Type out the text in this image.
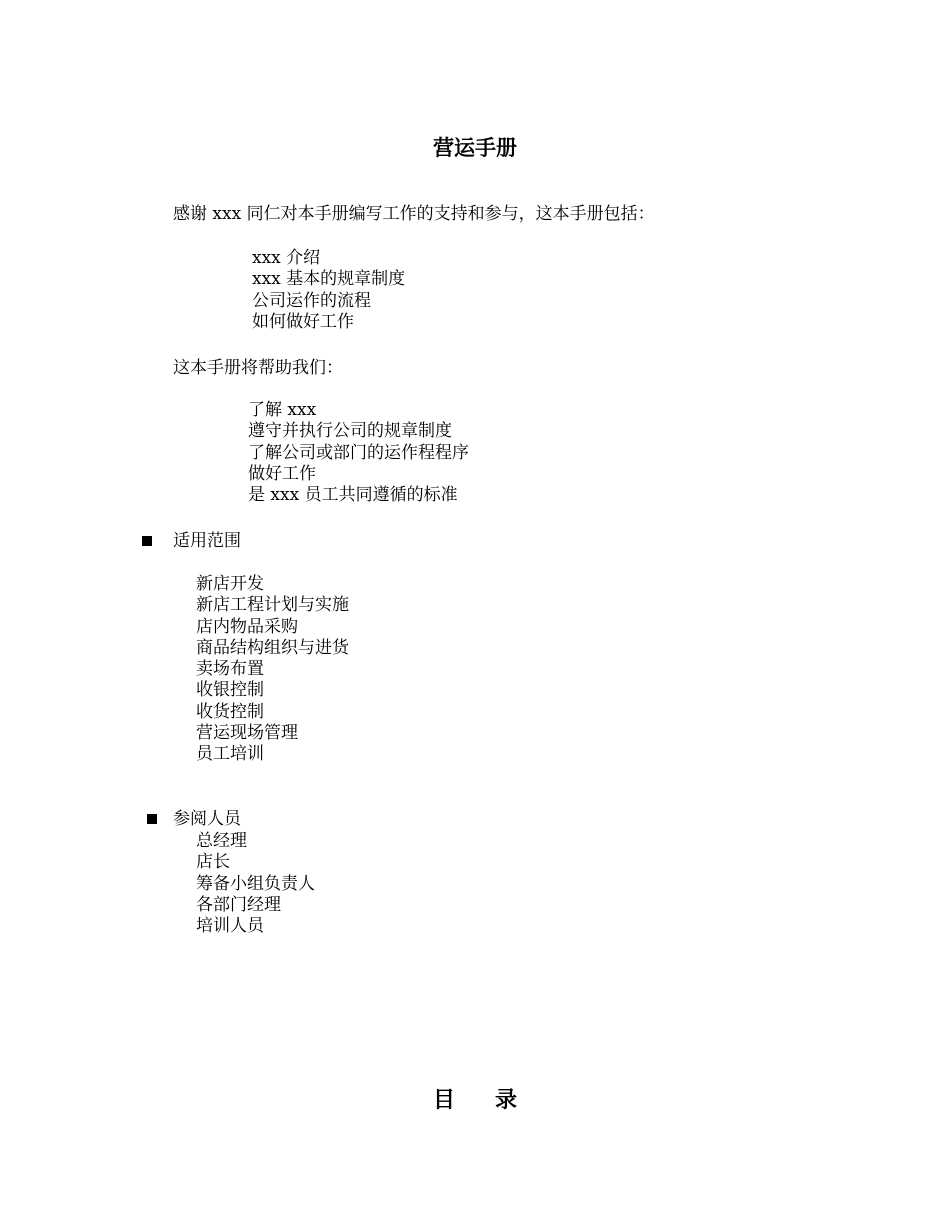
营运手册
感谢 xxx 同仁对本手册编写工作的支持和参与，这本手册包括：
xxx 介绍
xxx 基本的规章制度
公司运作的流程
如何做好工作
这本手册将帮助我们：
了解 xxx
遵守并执行公司的规章制度
了解公司或部门的运作程程序
做好工作
是 xxx 员工共同遵循的标准
适用范围
新店开发
新店工程计划与实施
店内物品采购
商品结构组织与进货
卖场布置
收银控制
收货控制
营运现场管理
员工培训
参阅人员
总经理
店长
筹备小组负责人
各部门经理
培训人员
目录
